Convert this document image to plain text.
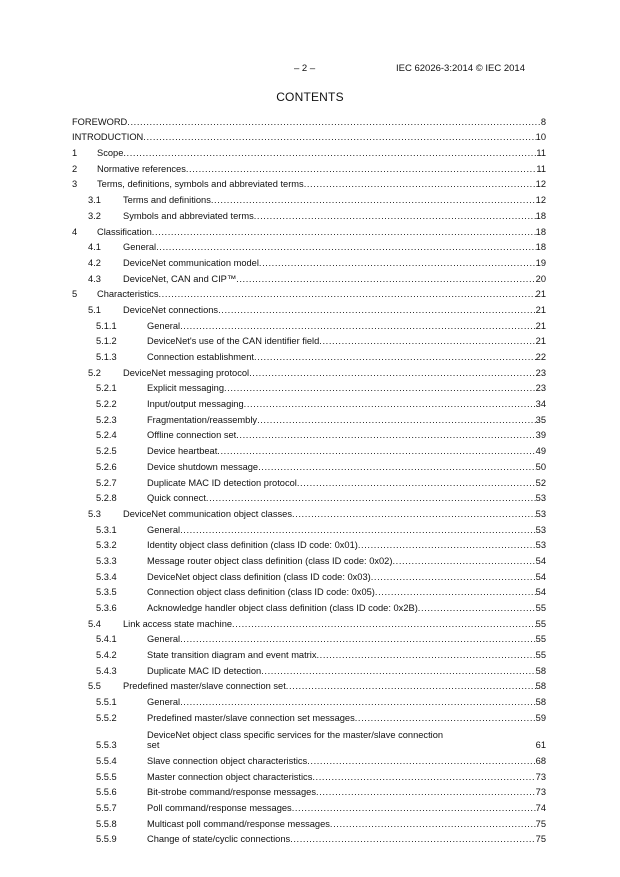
– 2 –	IEC 62026-3:2014 © IEC 2014
CONTENTS
FOREWORD .....	8
INTRODUCTION .....	10
1	Scope .....	11
2	Normative references .....	11
3	Terms, definitions, symbols and abbreviated terms .....	12
3.1	Terms and definitions .....	12
3.2	Symbols and abbreviated terms .....	18
4	Classification .....	18
4.1	General .....	18
4.2	DeviceNet communication model .....	19
4.3	DeviceNet, CAN and CIP™ .....	20
5	Characteristics .....	21
5.1	DeviceNet connections .....	21
5.1.1	General .....	21
5.1.2	DeviceNet's use of the CAN identifier field .....	21
5.1.3	Connection establishment .....	22
5.2	DeviceNet messaging protocol .....	23
5.2.1	Explicit messaging .....	23
5.2.2	Input/output messaging .....	34
5.2.3	Fragmentation/reassembly .....	35
5.2.4	Offline connection set .....	39
5.2.5	Device heartbeat .....	49
5.2.6	Device shutdown message .....	50
5.2.7	Duplicate MAC ID detection protocol .....	52
5.2.8	Quick connect .....	53
5.3	DeviceNet communication object classes .....	53
5.3.1	General .....	53
5.3.2	Identity object class definition (class ID code: 0x01) .....	53
5.3.3	Message router object class definition (class ID code: 0x02) .....	54
5.3.4	DeviceNet object class definition (class ID code: 0x03) .....	54
5.3.5	Connection object class definition (class ID code: 0x05) .....	54
5.3.6	Acknowledge handler object class definition (class ID code: 0x2B) .....	55
5.4	Link access state machine .....	55
5.4.1	General .....	55
5.4.2	State transition diagram and event matrix .....	55
5.4.3	Duplicate MAC ID detection .....	58
5.5	Predefined master/slave connection set .....	58
5.5.1	General .....	58
5.5.2	Predefined master/slave connection set messages .....	59
5.5.3
DeviceNet object class specific services for the master/slave connection
set	61
5.5.4	Slave connection object characteristics .....	68
5.5.5	Master connection object characteristics .....	73
5.5.6	Bit-strobe command/response messages .....	73
5.5.7	Poll command/response messages .....	74
5.5.8	Multicast poll command/response messages .....	75
5.5.9	Change of state/cyclic connections .....	75
